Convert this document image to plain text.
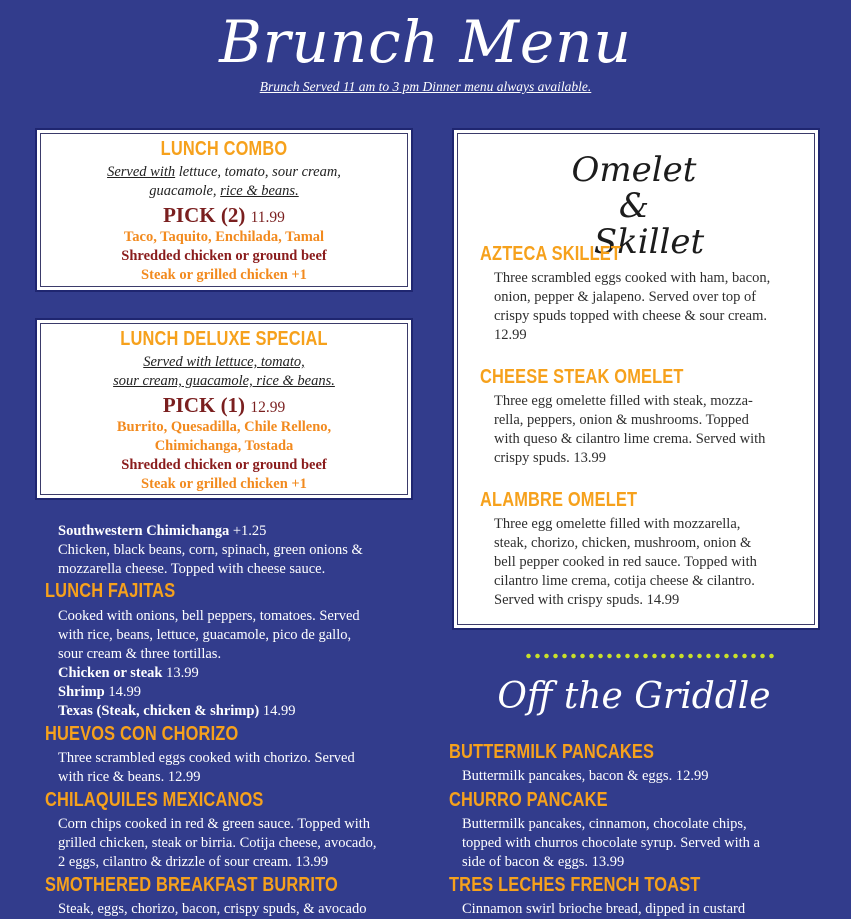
Brunch Menu
Brunch Served 11 am to 3 pm Dinner menu always available.
LUNCH COMBO
Served with lettuce, tomato, sour cream,
guacamole, rice & beans.
PICK (2) 11.99
Taco, Taquito, Enchilada, Tamal
Shredded chicken or ground beef
Steak or grilled chicken +1
LUNCH DELUXE SPECIAL
Served with lettuce, tomato,
sour cream, guacamole, rice & beans.
PICK (1) 12.99
Burrito, Quesadilla, Chile Relleno,
Chimichanga, Tostada
Shredded chicken or ground beef
Steak or grilled chicken +1
Southwestern Chimichanga +1.25
Chicken, black beans, corn, spinach, green onions &
mozzarella cheese. Topped with cheese sauce.
LUNCH FAJITAS
Cooked with onions, bell peppers, tomatoes. Served
with rice, beans, lettuce, guacamole, pico de gallo,
sour cream & three tortillas.
Chicken or steak 13.99
Shrimp 14.99
Texas (Steak, chicken & shrimp) 14.99
HUEVOS CON CHORIZO
Three scrambled eggs cooked with chorizo. Served
with rice & beans. 12.99
CHILAQUILES MEXICANOS
Corn chips cooked in red & green sauce. Topped with
grilled chicken, steak or birria. Cotija cheese, avocado,
2 eggs, cilantro & drizzle of sour cream. 13.99
SMOTHERED BREAKFAST BURRITO
Steak, eggs, chorizo, bacon, crispy spuds, & avocado
Omelet &
Skillet
AZTECA SKILLET
Three scrambled eggs cooked with ham, bacon,
onion, pepper & jalapeno. Served over top of
crispy spuds topped with cheese & sour cream.
12.99
CHEESE STEAK OMELET
Three egg omelette filled with steak, mozza-
rella, peppers, onion & mushrooms. Topped
with queso & cilantro lime crema. Served with
crispy spuds. 13.99
ALAMBRE OMELET
Three egg omelette filled with mozzarella,
steak, chorizo, chicken, mushroom, onion &
bell pepper cooked in red sauce. Topped with
cilantro lime crema, cotija cheese & cilantro.
Served with crispy spuds. 14.99
Off the Griddle
BUTTERMILK PANCAKES
Buttermilk pancakes, bacon & eggs. 12.99
CHURRO PANCAKE
Buttermilk pancakes, cinnamon, chocolate chips,
topped with churros chocolate syrup. Served with a
side of bacon & eggs. 13.99
TRES LECHES FRENCH TOAST
Cinnamon swirl brioche bread, dipped in custard
